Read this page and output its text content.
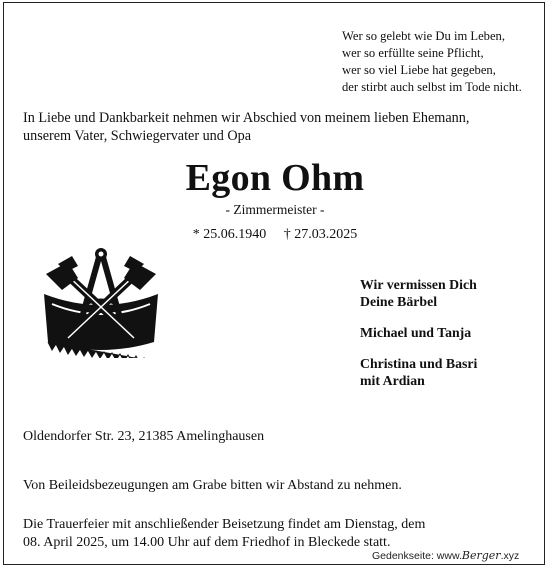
Wer so gelebt wie Du im Leben,
wer so erfüllte seine Pflicht,
wer so viel Liebe hat gegeben,
der stirbt auch selbst im Tode nicht.
In Liebe und Dankbarkeit nehmen wir Abschied von meinem lieben Ehemann,
unserem Vater, Schwiegervater und Opa
Egon Ohm
- Zimmermeister -
* 25.06.1940 † 27.03.2025
Wir vermissen Dich
Deine Bärbel
Michael und Tanja
Christina und Basri
mit Ardian
Oldendorfer Str. 23, 21385 Amelinghausen
Von Beileidsbezeugungen am Grabe bitten wir Abstand zu nehmen.
Die Trauerfeier mit anschließender Beisetzung findet am Dienstag, dem
08. April 2025, um 14.00 Uhr auf dem Friedhof in Bleckede statt.
Gedenkseite: www.Berger.xyz
